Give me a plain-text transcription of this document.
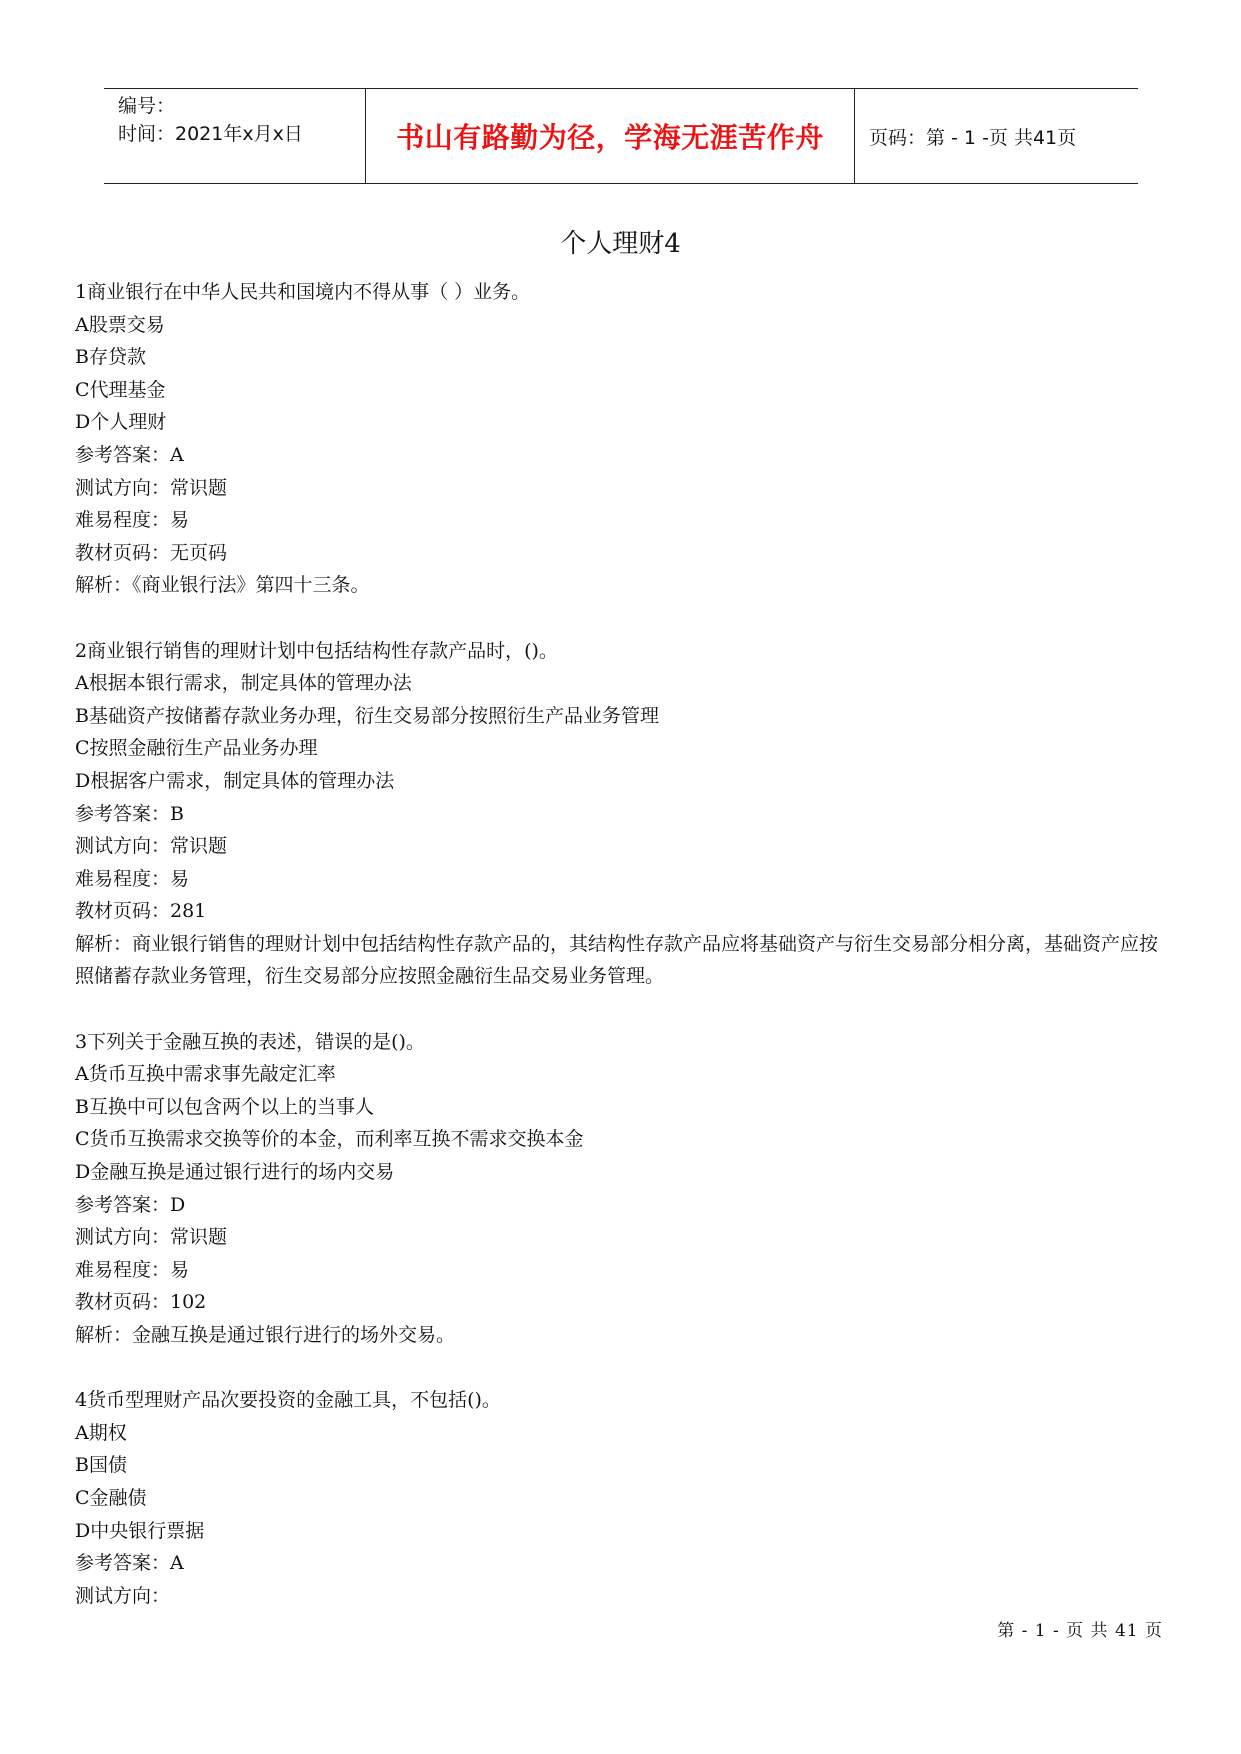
编号：
时间：2021年x月x日	书山有路勤为径，学海无涯苦作舟	页码：第 - 1 -页 共41页
个人理财4
1商业银行在中华人民共和国境内不得从事（ ）业务。
A股票交易
B存贷款
C代理基金
D个人理财
参考答案：A
测试方向：常识题
难易程度：易
教材页码：无页码
解析：《商业银行法》第四十三条。
2商业银行销售的理财计划中包括结构性存款产品时，()。
A根据本银行需求，制定具体的管理办法
B基础资产按储蓄存款业务办理，衍生交易部分按照衍生产品业务管理
C按照金融衍生产品业务办理
D根据客户需求，制定具体的管理办法
参考答案：B
测试方向：常识题
难易程度：易
教材页码：281
解析：商业银行销售的理财计划中包括结构性存款产品的，其结构性存款产品应将基础资产与衍生交易部分相分离，基础资产应按照储蓄存款业务管理，衍生交易部分应按照金融衍生品交易业务管理。
3下列关于金融互换的表述，错误的是()。
A货币互换中需求事先敲定汇率
B互换中可以包含两个以上的当事人
C货币互换需求交换等价的本金，而利率互换不需求交换本金
D金融互换是通过银行进行的场内交易
参考答案：D
测试方向：常识题
难易程度：易
教材页码：102
解析：金融互换是通过银行进行的场外交易。
4货币型理财产品次要投资的金融工具，不包括()。
A期权
B国债
C金融债
D中央银行票据
参考答案：A
测试方向：
第 - 1 - 页 共 41 页
